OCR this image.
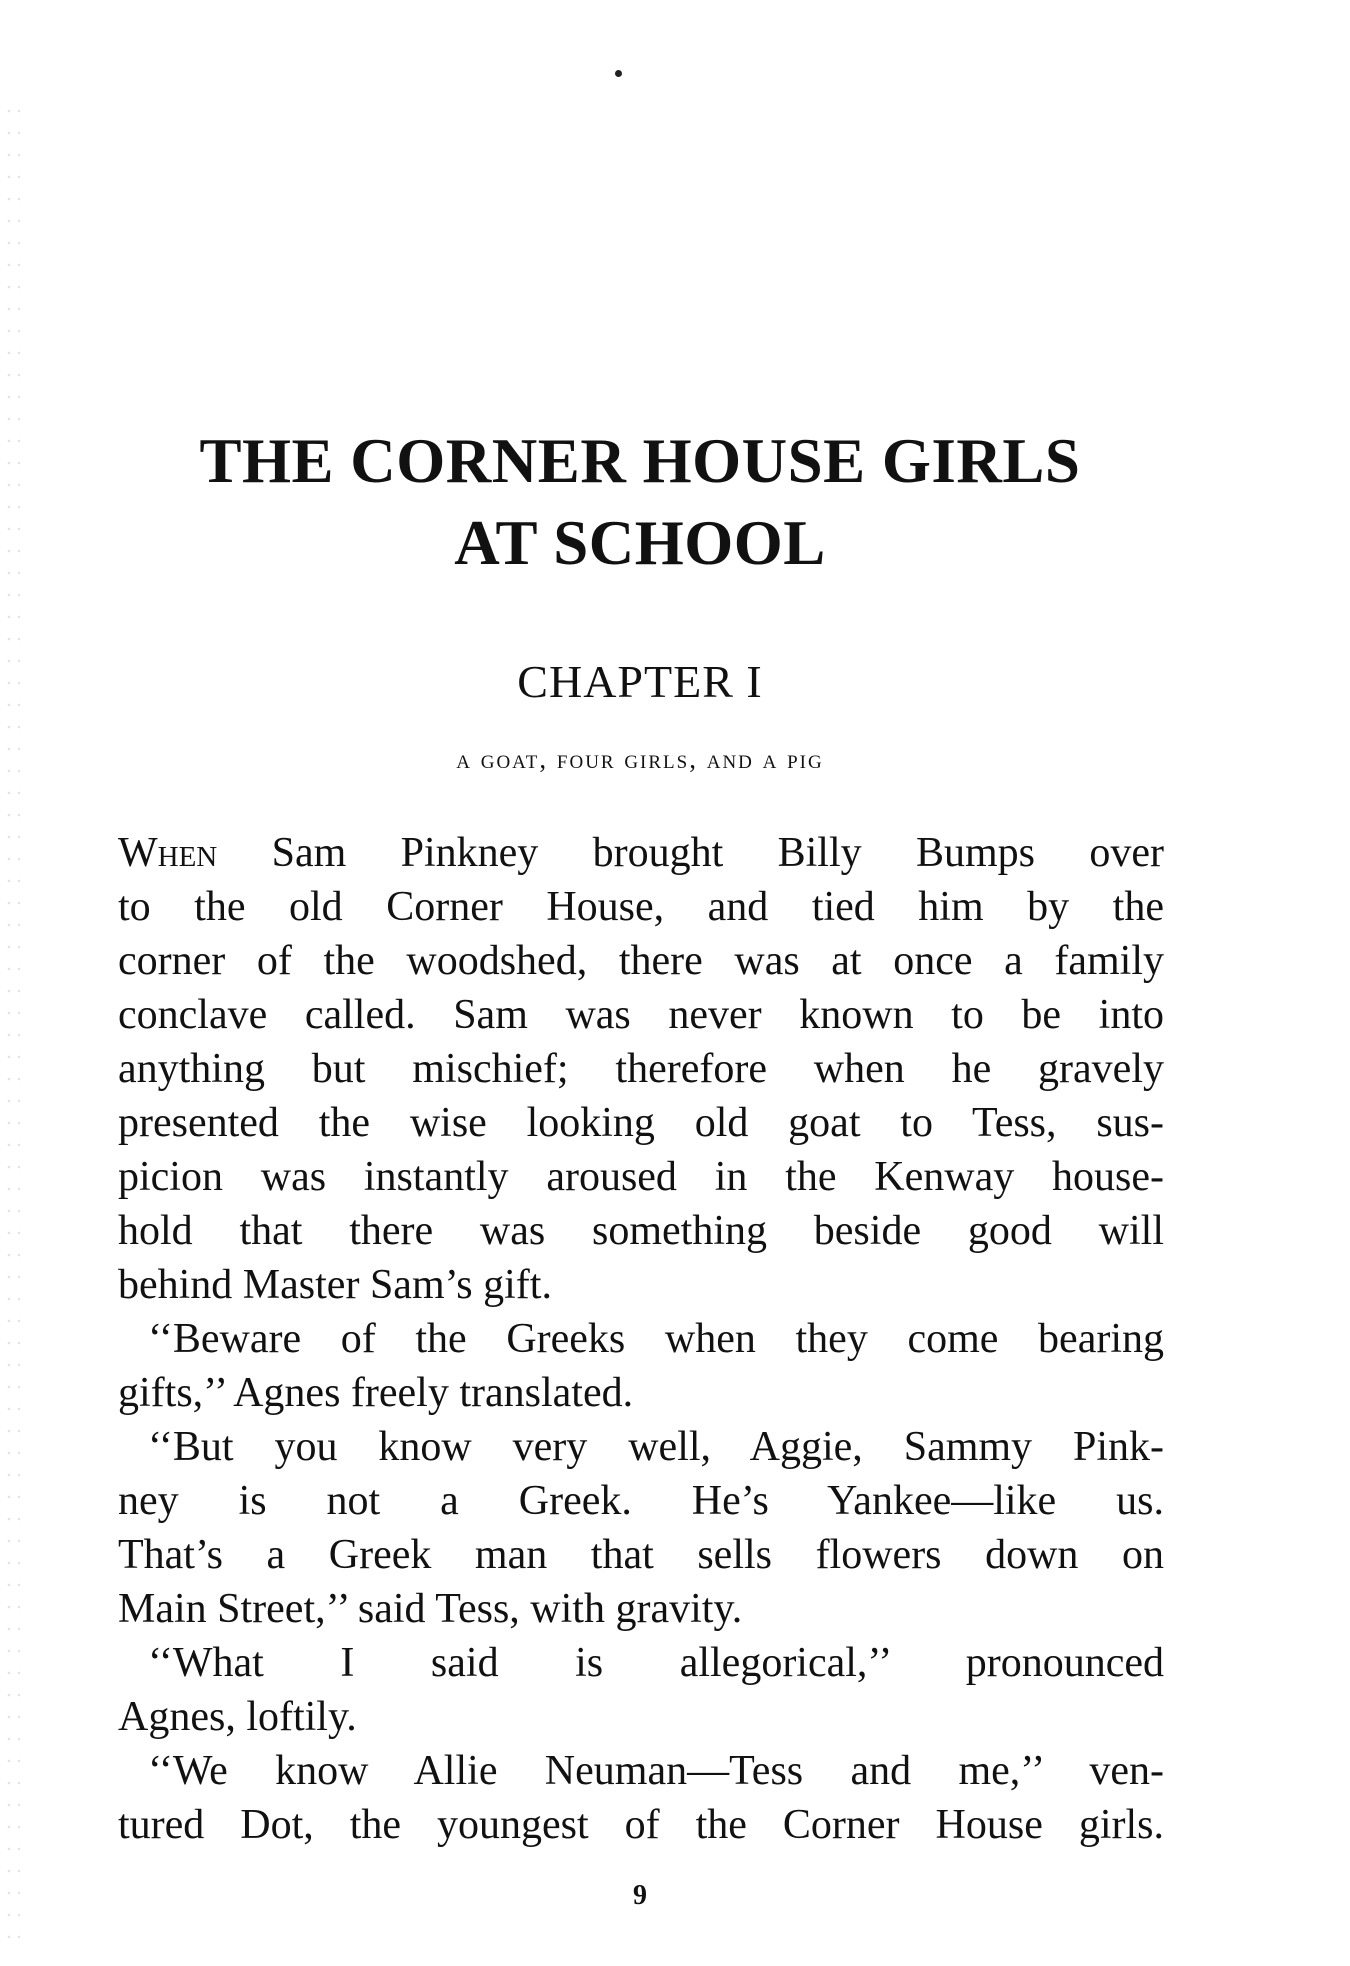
THE CORNER HOUSE GIRLS
AT SCHOOL
CHAPTER I
a goat, four girls, and a pig
When Sam Pinkney brought Billy Bumps over
to the old Corner House, and tied him by the
corner of the woodshed, there was at once a family
conclave called. Sam was never known to be into
anything but mischief; therefore when he gravely
presented the wise looking old goat to Tess, sus-
picion was instantly aroused in the Kenway house-
hold that there was something beside good will
behind Master Sam’s gift.
‘‘Beware of the Greeks when they come bearing
gifts,’’ Agnes freely translated.
‘‘But you know very well, Aggie, Sammy Pink-
ney is not a Greek. He’s Yankee—like us.
That’s a Greek man that sells flowers down on
Main Street,’’ said Tess, with gravity.
‘‘What I said is allegorical,’’ pronounced
Agnes, loftily.
‘‘We know Allie Neuman—Tess and me,’’ ven-
tured Dot, the youngest of the Corner House girls.
9
